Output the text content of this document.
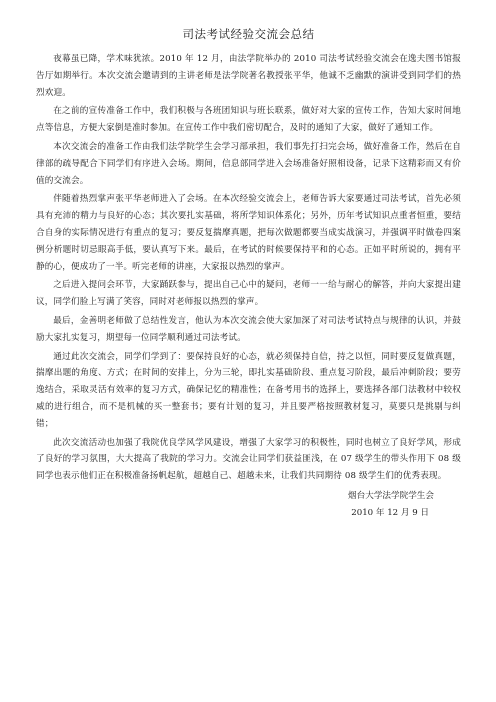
司法考试经验交流会总结

夜幕虽已降，学术味犹浓。2010 年 12 月，由法学院举办的 2010 司法考试经验交流会在逸夫图书馆报告厅如期举行。本次交流会邀请到的主讲老师是法学院著名教授张平华，他诚不乏幽默的演讲受到同学们的热烈欢迎。

在之前的宣传准备工作中，我们积极与各班团知识与班长联系，做好对大家的宣传工作，告知大家时间地点等信息，方便大家倒是准时参加。在宣传工作中我们密切配合，及时的通知了大家，做好了通知工作。

本次交流会的准备工作由我们法学院学生会学习部承担，我们事先打扫完会场，做好准备工作，然后在自律部的疏导配合下同学们有序进入会场。期间，信息部同学进入会场准备好照相设备，记录下这精彩而又有价值的交流会。

伴随着热烈掌声张平华老师进入了会场。在本次经验交流会上，老师告诉大家要通过司法考试，首先必须具有充沛的精力与良好的心态；其次要扎实基础，将所学知识体系化；另外，历年考试知识点重者恒重，要结合自身的实际情况进行有重点的复习；要反复揣摩真题，把每次做题都要当成实战演习，并强调平时做卷四案例分析题时切忌眼高手低，要认真写下来。最后，在考试的时候要保持平和的心态。正如平时所说的，拥有平静的心，便成功了一半。听完老师的讲座，大家报以热烈的掌声。

之后进入提问会环节，大家踊跃参与，提出自己心中的疑问，老师一一给与耐心的解答，并向大家提出建议，同学们脸上写满了笑容，同时对老师报以热烈的掌声。

最后，金善明老师做了总结性发言，他认为本次交流会使大家加深了对司法考试特点与规律的认识，并鼓励大家扎实复习，期望每一位同学顺利通过司法考试。

通过此次交流会，同学们学到了：要保持良好的心态，就必须保持自信，持之以恒，同时要反复做真题，揣摩出题的角度、方式；在时间的安排上，分为三轮，即扎实基础阶段、重点复习阶段，最后冲刺阶段；要劳逸结合，采取灵活有效率的复习方式，确保记忆的精准性；在备考用书的选择上，要选择各部门法教材中较权威的进行组合，而不是机械的买一整套书；要有计划的复习，并且要严格按照教材复习，莫要只是挑剔与纠错；

此次交流活动也加强了我院优良学风学风建设，增强了大家学习的积极性，同时也树立了良好学风，形成了良好的学习氛围，大大提高了我院的学习力。交流会让同学们获益匪浅，在 07 级学生的带头作用下 08 级同学也表示他们正在积极准备扬帆起航，超越自己、超越未来，让我们共同期待 08 级学生们的优秀表现。

烟台大学法学院学生会
2010 年 12 月 9 日
